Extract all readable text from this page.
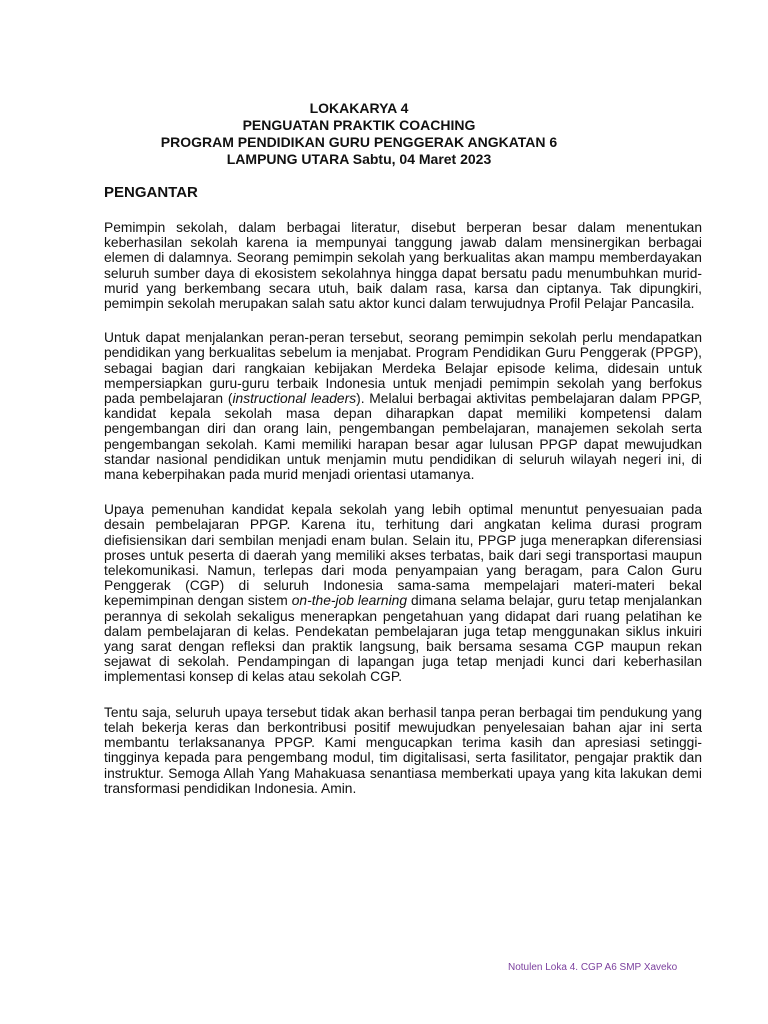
LOKAKARYA 4
PENGUATAN PRAKTIK COACHING
PROGRAM PENDIDIKAN GURU PENGGERAK ANGKATAN 6
LAMPUNG UTARA Sabtu, 04 Maret 2023
PENGANTAR

Pemimpin sekolah, dalam berbagai literatur, disebut berperan besar dalam menentukan keberhasilan sekolah karena ia mempunyai tanggung jawab dalam mensinergikan berbagai elemen di dalamnya. Seorang pemimpin sekolah yang berkualitas akan mampu memberdayakan seluruh sumber daya di ekosistem sekolahnya hingga dapat bersatu padu menumbuhkan murid-murid yang berkembang secara utuh, baik dalam rasa, karsa dan ciptanya. Tak dipungkiri, pemimpin sekolah merupakan salah satu aktor kunci dalam terwujudnya Profil Pelajar Pancasila.

Untuk dapat menjalankan peran-peran tersebut, seorang pemimpin sekolah perlu mendapatkan pendidikan yang berkualitas sebelum ia menjabat. Program Pendidikan Guru Penggerak (PPGP), sebagai bagian dari rangkaian kebijakan Merdeka Belajar episode kelima, didesain untuk mempersiapkan guru-guru terbaik Indonesia untuk menjadi pemimpin sekolah yang berfokus pada pembelajaran (instructional leaders). Melalui berbagai aktivitas pembelajaran dalam PPGP, kandidat kepala sekolah masa depan diharapkan dapat memiliki kompetensi dalam pengembangan diri dan orang lain, pengembangan pembelajaran, manajemen sekolah serta pengembangan sekolah. Kami memiliki harapan besar agar lulusan PPGP dapat mewujudkan standar nasional pendidikan untuk menjamin mutu pendidikan di seluruh wilayah negeri ini, di mana keberpihakan pada murid menjadi orientasi utamanya.

Upaya pemenuhan kandidat kepala sekolah yang lebih optimal menuntut penyesuaian pada desain pembelajaran PPGP. Karena itu, terhitung dari angkatan kelima durasi program diefisiensikan dari sembilan menjadi enam bulan. Selain itu, PPGP juga menerapkan diferensiasi proses untuk peserta di daerah yang memiliki akses terbatas, baik dari segi transportasi maupun telekomunikasi. Namun, terlepas dari moda penyampaian yang beragam, para Calon Guru Penggerak (CGP) di seluruh Indonesia sama-sama mempelajari materi-materi bekal kepemimpinan dengan sistem on-the-job learning dimana selama belajar, guru tetap menjalankan perannya di sekolah sekaligus menerapkan pengetahuan yang didapat dari ruang pelatihan ke dalam pembelajaran di kelas. Pendekatan pembelajaran juga tetap menggunakan siklus inkuiri yang sarat dengan refleksi dan praktik langsung, baik bersama sesama CGP maupun rekan sejawat di sekolah. Pendampingan di lapangan juga tetap menjadi kunci dari keberhasilan implementasi konsep di kelas atau sekolah CGP.

Tentu saja, seluruh upaya tersebut tidak akan berhasil tanpa peran berbagai tim pendukung yang telah bekerja keras dan berkontribusi positif mewujudkan penyelesaian bahan ajar ini serta membantu terlaksananya PPGP. Kami mengucapkan terima kasih dan apresiasi setinggi-tingginya kepada para pengembang modul, tim digitalisasi, serta fasilitator, pengajar praktik dan instruktur. Semoga Allah Yang Mahakuasa senantiasa memberkati upaya yang kita lakukan demi transformasi pendidikan Indonesia. Amin.

Notulen Loka 4. CGP A6 SMP Xaveko
